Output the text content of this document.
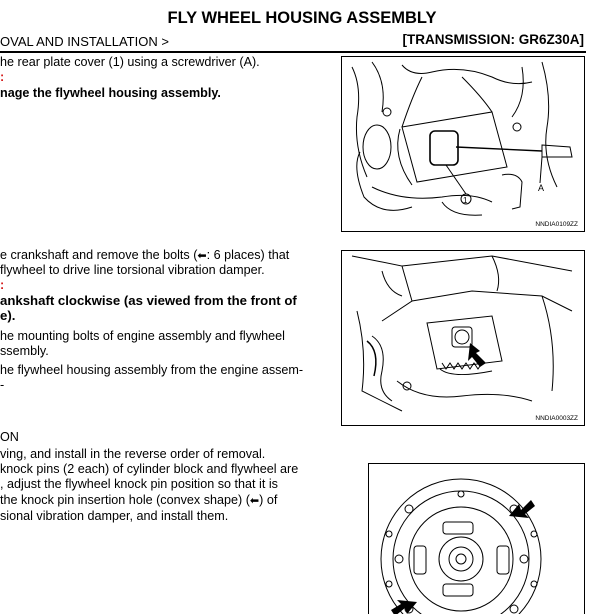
FLY WHEEL HOUSING ASSEMBLY
OVAL AND INSTALLATION >	[TRANSMISSION: GR6Z30A]
he rear plate cover (1) using a screwdriver (A).
:
nage the flywheel housing assembly.
e crankshaft and remove the bolts (⬅: 6 places) that
flywheel to drive line torsional vibration damper.
:
ankshaft clockwise (as viewed from the front of
e).
he mounting bolts of engine assembly and flywheel
ssembly.
he flywheel housing assembly from the engine assem-
-
ON
ving, and install in the reverse order of removal.
knock pins (2 each) of cylinder block and flywheel are
, adjust the flywheel knock pin position so that it is
the knock pin insertion hole (convex shape) (⬅) of
sional vibration damper, and install them.
1
A
NNDIA0109ZZ
NNDIA0003ZZ
